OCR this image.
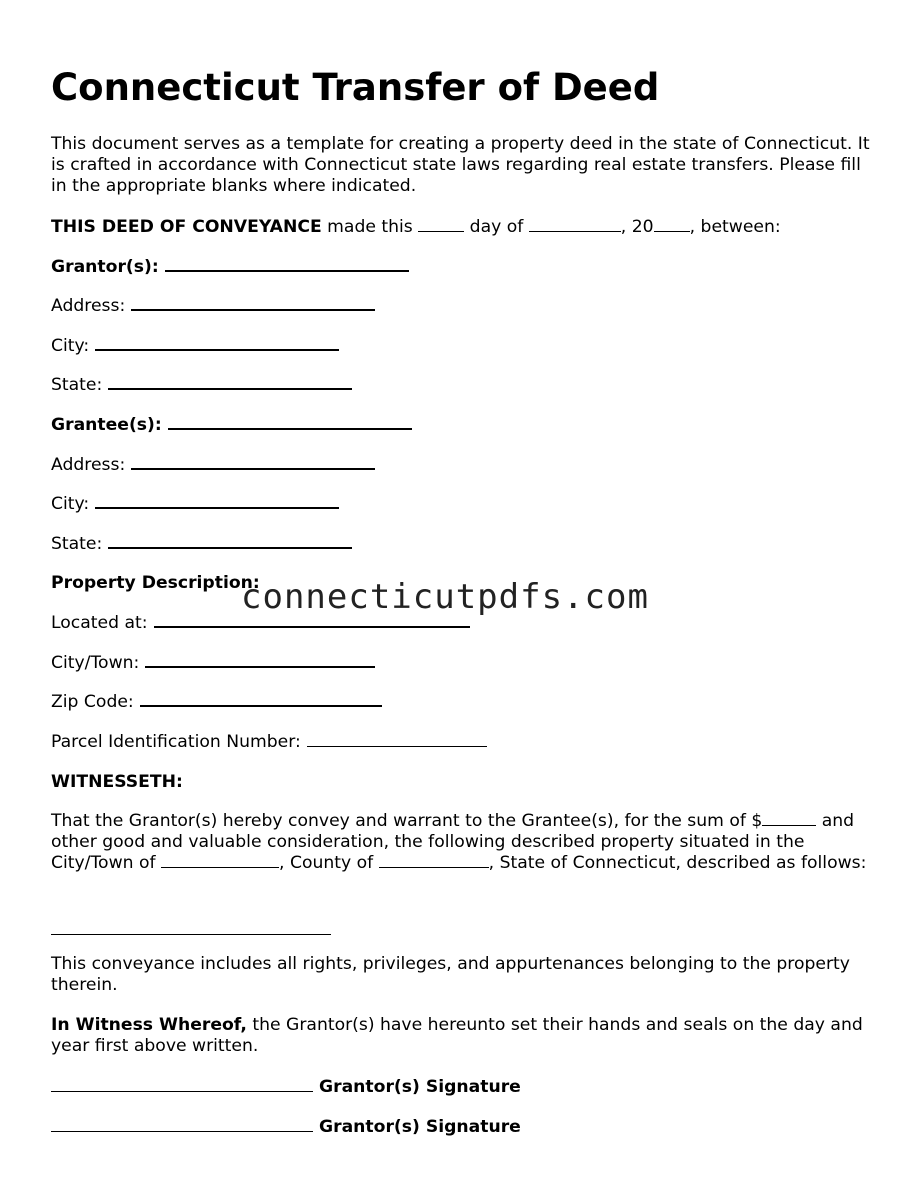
Connecticut Transfer of Deed

This document serves as a template for creating a property deed in the state of Connecticut. It is crafted in accordance with Connecticut state laws regarding real estate transfers. Please fill in the appropriate blanks where indicated.

THIS DEED OF CONVEYANCE made this	day of	, 20 , between:

Grantor(s):

Address:

City:

State:

Grantee(s):

Address:

City:

State:

Property Description:

Located at:

City/Town:

Zip Code:

Parcel Identification Number:

WITNESSETH:

That the Grantor(s) hereby convey and warrant to the Grantee(s), for the sum of $	and other good and valuable consideration, the following described property situated in the City/Town of	, County of	, State of Connecticut, described as follows:

This conveyance includes all rights, privileges, and appurtenances belonging to the property therein.

In Witness Whereof, the Grantor(s) have hereunto set their hands and seals on the day and year first above written.

Grantor(s) Signature

Grantor(s) Signature

connecticutpdfs.com
